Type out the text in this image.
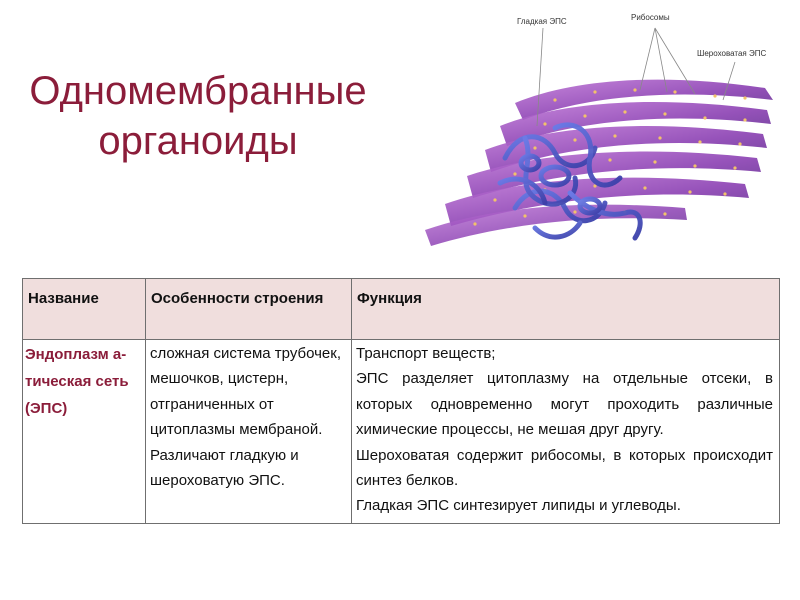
Одномембранные
органоиды
Гладкая ЭПС	Рибосомы
Шероховатая ЭПС
Название	Особенности строения	Функция
Эндоплазм а-тическая сеть (ЭПС)	сложная система трубочек, мешочков, цистерн, отграниченных от цитоплазмы мембраной. Различают гладкую и шероховатую ЭПС.	Транспорт веществ;
ЭПС разделяет цитоплазму на отдельные отсеки, в которых одновременно могут проходить различные химические процессы, не мешая друг другу.
Шероховатая содержит рибосомы, в которых происходит синтез белков.
Гладкая ЭПС синтезирует липиды и углеводы.
